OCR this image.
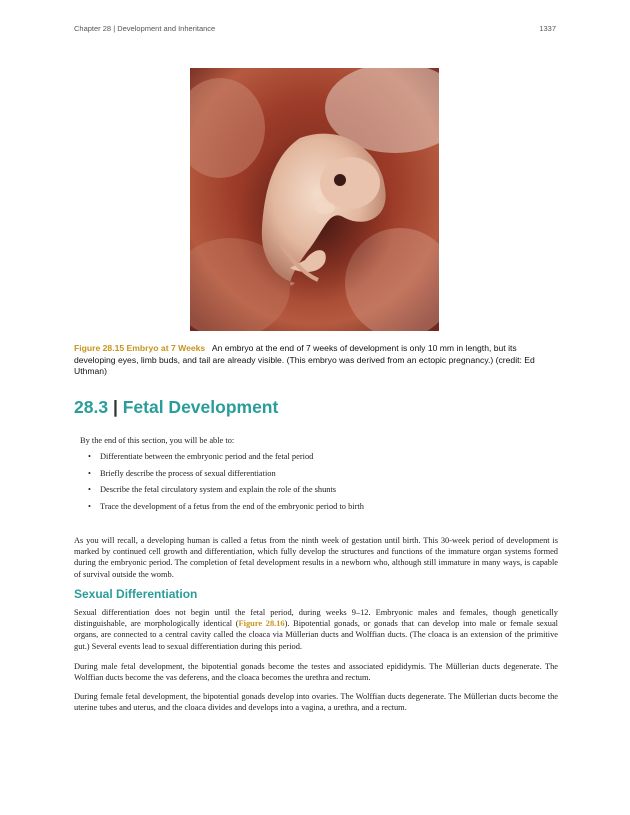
Chapter 28 | Development and Inheritance	1337
Figure 28.15 Embryo at 7 Weeks An embryo at the end of 7 weeks of development is only 10 mm in length, but its developing eyes, limb buds, and tail are already visible. (This embryo was derived from an ectopic pregnancy.) (credit: Ed Uthman)
28.3 | Fetal Development
By the end of this section, you will be able to:
• Differentiate between the embryonic period and the fetal period
• Briefly describe the process of sexual differentiation
• Describe the fetal circulatory system and explain the role of the shunts
• Trace the development of a fetus from the end of the embryonic period to birth
As you will recall, a developing human is called a fetus from the ninth week of gestation until birth. This 30-week period of development is marked by continued cell growth and differentiation, which fully develop the structures and functions of the immature organ systems formed during the embryonic period. The completion of fetal development results in a newborn who, although still immature in many ways, is capable of survival outside the womb.
Sexual Differentiation
Sexual differentiation does not begin until the fetal period, during weeks 9–12. Embryonic males and females, though genetically distinguishable, are morphologically identical (Figure 28.16). Bipotential gonads, or gonads that can develop into male or female sexual organs, are connected to a central cavity called the cloaca via Müllerian ducts and Wolffian ducts. (The cloaca is an extension of the primitive gut.) Several events lead to sexual differentiation during this period.
During male fetal development, the bipotential gonads become the testes and associated epididymis. The Müllerian ducts degenerate. The Wolffian ducts become the vas deferens, and the cloaca becomes the urethra and rectum.
During female fetal development, the bipotential gonads develop into ovaries. The Wolffian ducts degenerate. The Müllerian ducts become the uterine tubes and uterus, and the cloaca divides and develops into a vagina, a urethra, and a rectum.
